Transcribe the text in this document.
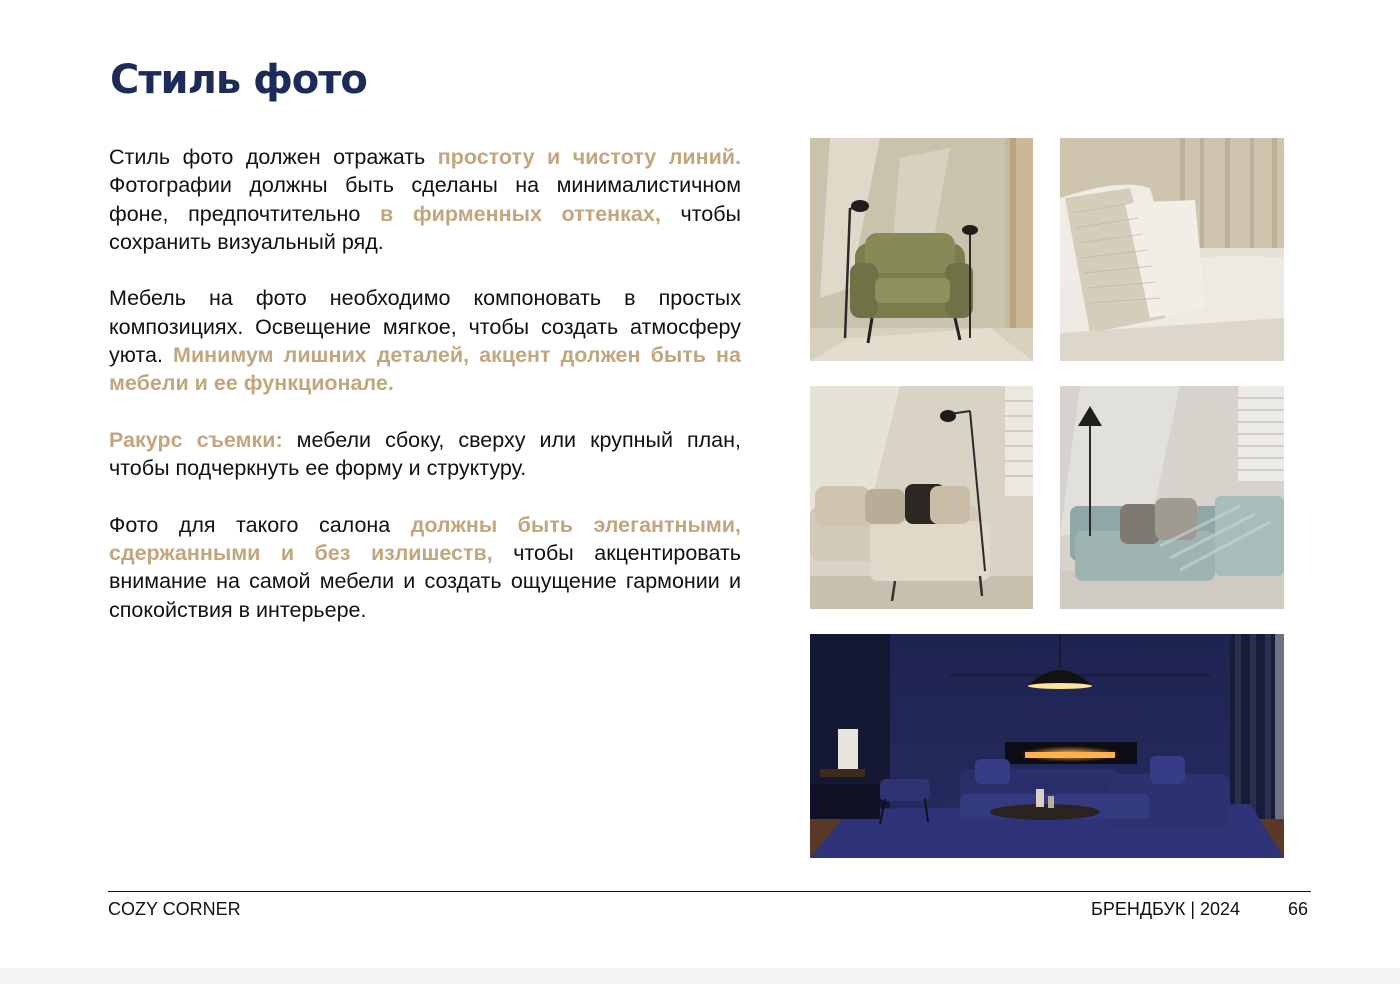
Стиль фото

Стиль фото должен отражать простоту и чистоту линий. Фотографии должны быть сделаны на минималистичном фоне, предпочтительно в фирменных оттенках, чтобы сохранить визуальный ряд.

Мебель на фото необходимо компоновать в простых композициях. Освещение мягкое, чтобы создать атмосферу уюта. Минимум лишних деталей, акцент должен быть на мебели и ее функционале.

Ракурс съемки: мебели сбоку, сверху или крупный план, чтобы подчеркнуть ее форму и структуру.

Фото для такого салона должны быть элегантными, сдержанными и без излишеств, чтобы акцентировать внимание на самой мебели и создать ощущение гармонии и спокойствия в интерьере.

COZY CORNER	БРЕНДБУК | 2024	66
